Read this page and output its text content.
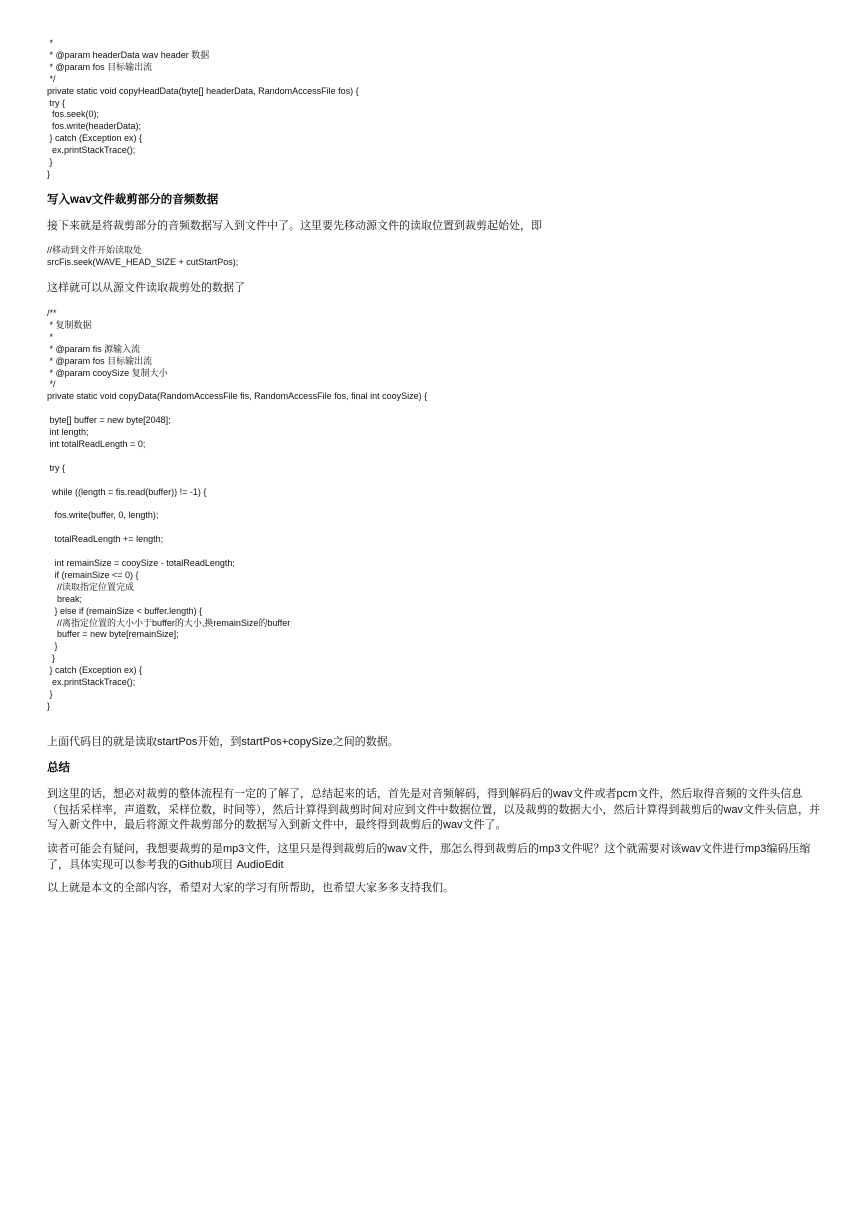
*
* @param headerData wav header 数据
* @param fos 目标输出流
*/
private static void copyHeadData(byte[] headerData, RandomAccessFile fos) {
try {
fos.seek(0);
fos.write(headerData);
} catch (Exception ex) {
ex.printStackTrace();
}
}
写入wav文件裁剪部分的音频数据

接下来就是将裁剪部分的音频数据写入到文件中了。这里要先移动源文件的读取位置到裁剪起始处，即

//移动到文件开始读取处
srcFis.seek(WAVE_HEAD_SIZE + cutStartPos);

这样就可以从源文件读取裁剪处的数据了

/**
* 复制数据
*
* @param fis 源输入流
* @param fos 目标输出流
* @param cooySize 复制大小
*/
private static void copyData(RandomAccessFile fis, RandomAccessFile fos, final int cooySize) {

byte[] buffer = new byte[2048];
int length;
int totalReadLength = 0;

try {

while ((length = fis.read(buffer)) != -1) {

fos.write(buffer, 0, length);

totalReadLength += length;

int remainSize = cooySize - totalReadLength;
if (remainSize <= 0) {
//读取指定位置完成
break;
} else if (remainSize < buffer.length) {
//离指定位置的大小小于buffer的大小,换remainSize的buffer
buffer = new byte[remainSize];
}
}
} catch (Exception ex) {
ex.printStackTrace();
}
}

上面代码目的就是读取startPos开始，到startPos+copySize之间的数据。

总结

到这里的话，想必对裁剪的整体流程有一定的了解了，总结起来的话，首先是对音频解码，得到解码后的wav文件或者pcm文件，然后取得音频的文件头信息（包括采样率，声道数，采样位数，时间等），然后计算得到裁剪时间对应到文件中数据位置，以及裁剪的数据大小，然后计算得到裁剪后的wav文件头信息，并写入新文件中，最后将源文件裁剪部分的数据写入到新文件中，最终得到裁剪后的wav文件了。

读者可能会有疑问，我想要裁剪的是mp3文件，这里只是得到裁剪后的wav文件，那怎么得到裁剪后的mp3文件呢？这个就需要对该wav文件进行mp3编码压缩了，具体实现可以参考我的Github项目 AudioEdit

以上就是本文的全部内容，希望对大家的学习有所帮助，也希望大家多多支持我们。
